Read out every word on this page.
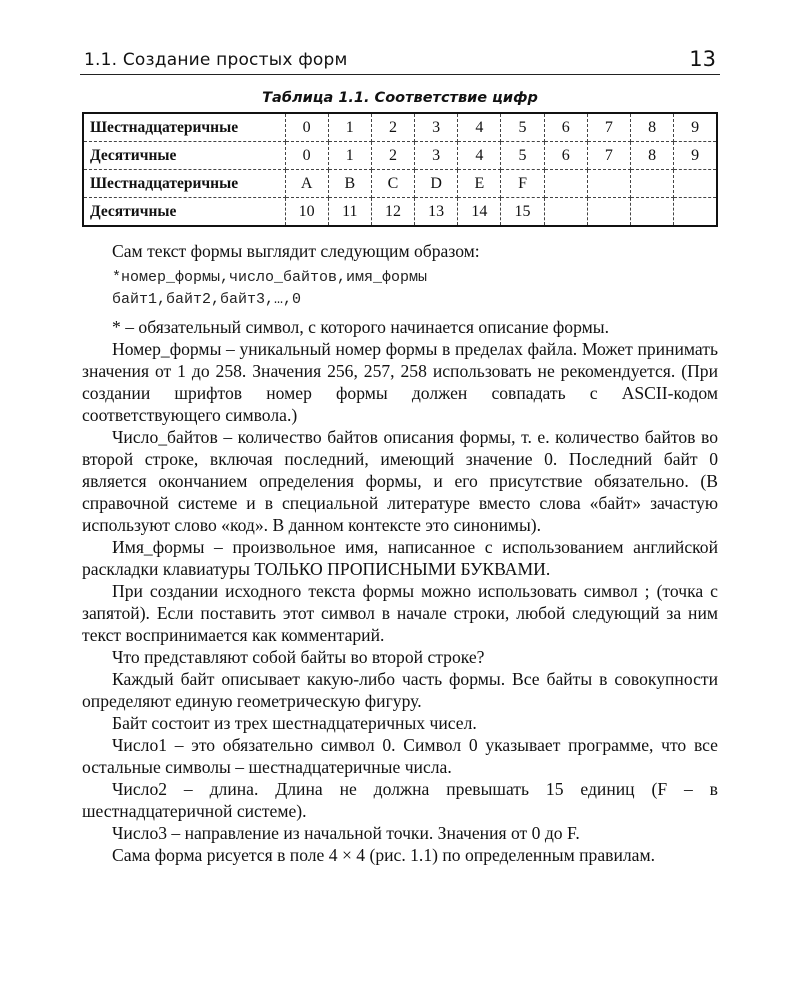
1.1. Создание простых форм	13
Таблица 1.1. Соответствие цифр
Шестнадцатеричные	0	1	2	3	4	5	6	7	8	9
Десятичные	0	1	2	3	4	5	6	7	8	9
Шестнадцатеричные	A	B	C	D	E	F				
Десятичные	10	11	12	13	14	15				

Сам текст формы выглядит следующим образом:

*номер_формы,число_байтов,имя_формы
байт1,байт2,байт3,…,0

* – обязательный символ, с которого начинается описание формы.

Номер_формы – уникальный номер формы в пределах файла. Может принимать значения от 1 до 258. Значения 256, 257, 258 использовать не рекомендуется. (При создании шрифтов номер формы должен совпадать с ASCII-кодом соответствующего символа.)

Число_байтов – количество байтов описания формы, т. е. количество байтов во второй строке, включая последний, имеющий значение 0. Последний байт 0 является окончанием определения формы, и его присутствие обязательно. (В справочной системе и в специальной литературе вместо слова «байт» зачастую используют слово «код». В данном контексте это синонимы).

Имя_формы – произвольное имя, написанное с использованием английской раскладки клавиатуры ТОЛЬКО ПРОПИСНЫМИ БУКВАМИ.

При создании исходного текста формы можно использовать символ ; (точка с запятой). Если поставить этот символ в начале строки, любой следующий за ним текст воспринимается как комментарий.

Что представляют собой байты во второй строке?

Каждый байт описывает какую-либо часть формы. Все байты в совокупности определяют единую геометрическую фигуру.

Байт состоит из трех шестнадцатеричных чисел.

Число1 – это обязательно символ 0. Символ 0 указывает программе, что все остальные символы – шестнадцатеричные числа.

Число2 – длина. Длина не должна превышать 15 единиц (F – в шестнадцатеричной системе).

Число3 – направление из начальной точки. Значения от 0 до F.

Сама форма рисуется в поле 4 × 4 (рис. 1.1) по определенным правилам.
